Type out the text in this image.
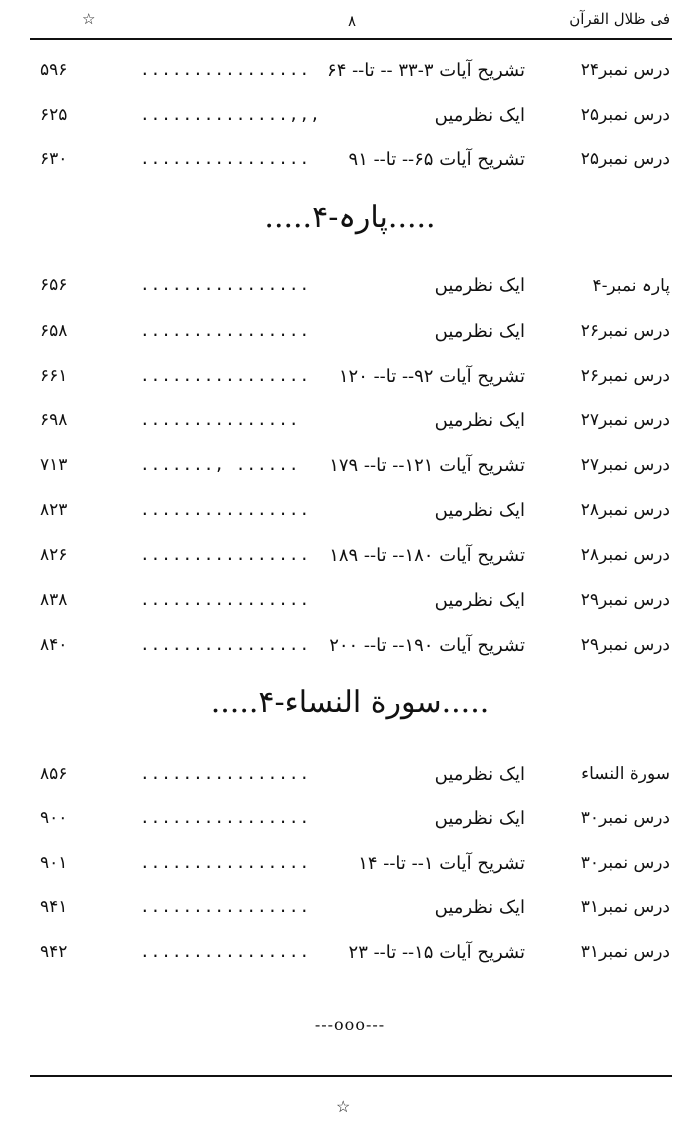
☆	۸	فی ظلال القرآن
درس نمبر۲۴
تشریح آیات ۳-۳۳ -- تا-- ۶۴
................
۵۹۶
درس نمبر۲۵
ایک نظرمیں
..............,,,
۶۲۵
درس نمبر۲۵
تشریح آیات ۶۵-- تا-- ۹۱
................
۶۳۰
.....پارہ-۴.....
پارہ نمبر-۴
ایک نظرمیں
................
۶۵۶
درس نمبر۲۶
ایک نظرمیں
................
۶۵۸
درس نمبر۲۶
تشریح آیات ۹۲-- تا-- ۱۲۰
................
۶۶۱
درس نمبر۲۷
ایک نظرمیں
...............
۶۹۸
درس نمبر۲۷
تشریح آیات ۱۲۱-- تا-- ۱۷۹
......., ......
۷۱۳
درس نمبر۲۸
ایک نظرمیں
................
۸۲۳
درس نمبر۲۸
تشریح آیات ۱۸۰-- تا-- ۱۸۹
................
۸۲۶
درس نمبر۲۹
ایک نظرمیں
................
۸۳۸
درس نمبر۲۹
تشریح آیات ۱۹۰-- تا-- ۲۰۰
................
۸۴۰
.....سورة النساء-۴.....
سورة النساء
ایک نظرمیں
................
۸۵۶
درس نمبر۳۰
ایک نظرمیں
................
۹۰۰
درس نمبر۳۰
تشریح آیات ۱-- تا-- ۱۴
................
۹۰۱
درس نمبر۳۱
ایک نظرمیں
................
۹۴۱
درس نمبر۳۱
تشریح آیات ۱۵-- تا-- ۲۳
................
۹۴۲
---ооо---
☆
